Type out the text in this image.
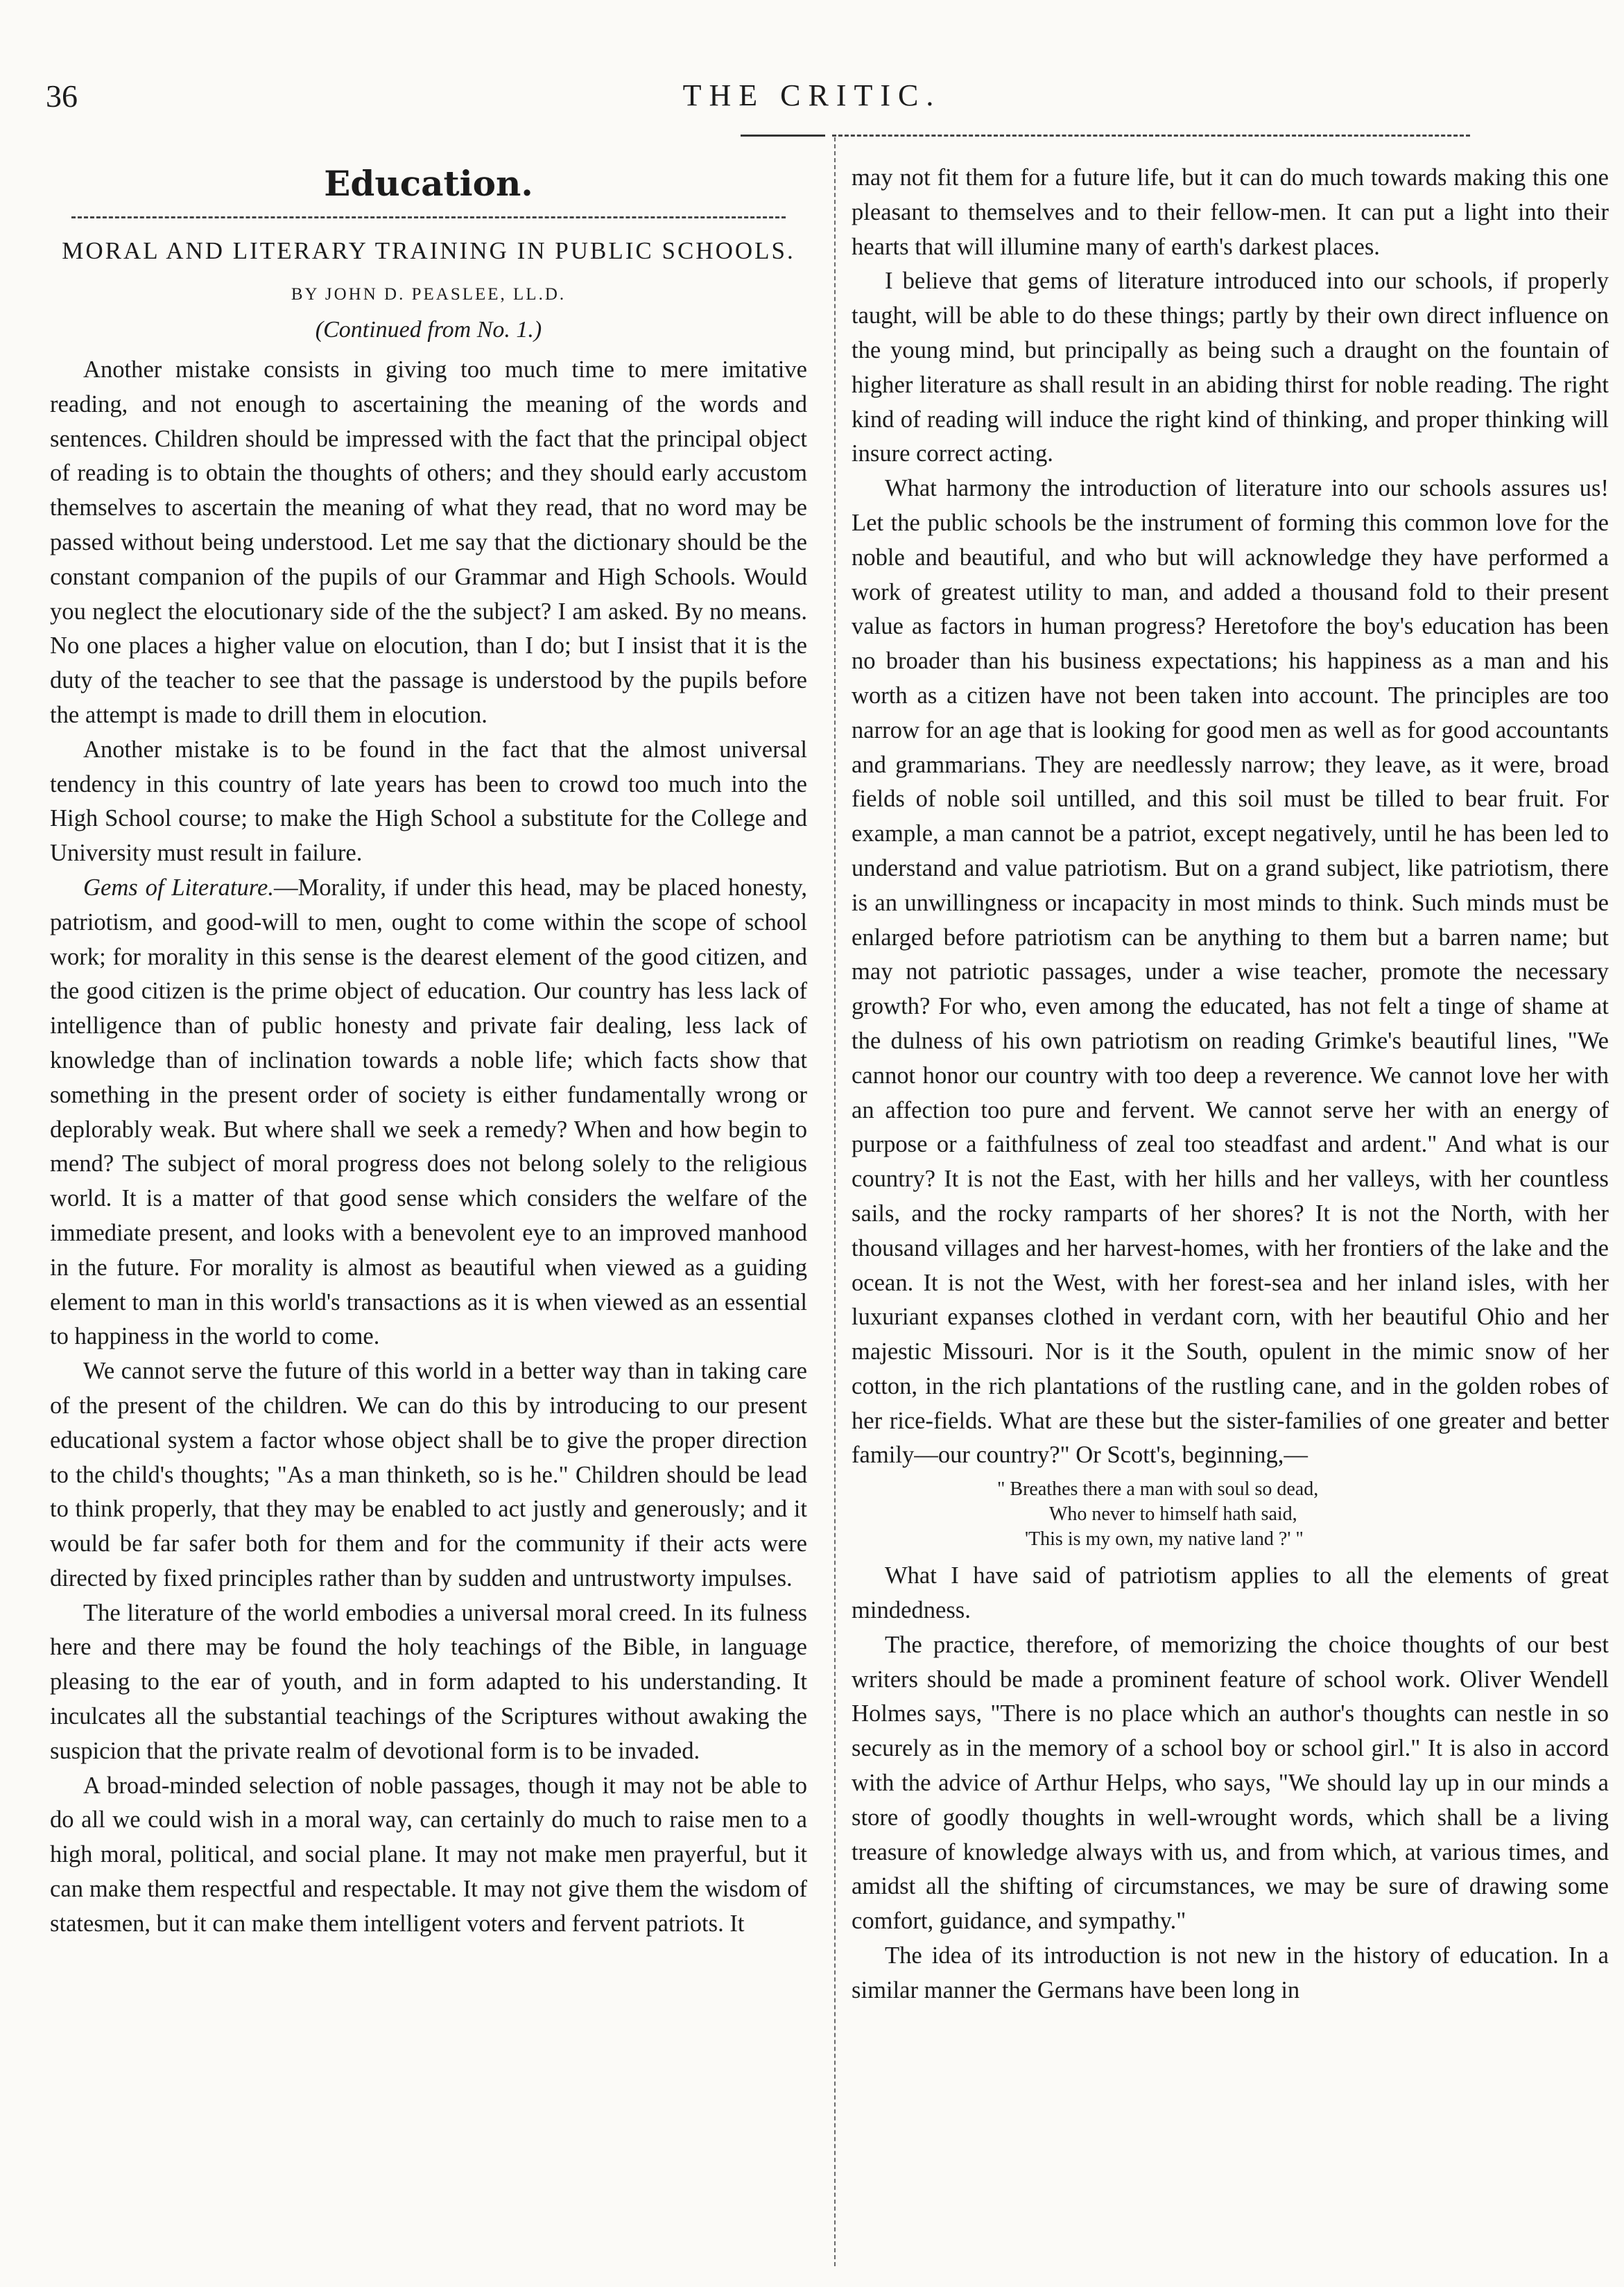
36	THE CRITIC.
Education.
MORAL AND LITERARY TRAINING IN PUBLIC SCHOOLS.
BY JOHN D. PEASLEE, LL.D.
(Continued from No. 1.)

Another mistake consists in giving too much time to mere imitative reading, and not enough to ascertaining the meaning of the words and sentences. Children should be impressed with the fact that the principal object of reading is to obtain the thoughts of others; and they should early accustom themselves to ascertain the meaning of what they read, that no word may be passed without being understood. Let me say that the dictionary should be the constant companion of the pupils of our Grammar and High Schools. Would you neglect the elocutionary side of the the subject? I am asked. By no means. No one places a higher value on elocution, than I do; but I insist that it is the duty of the teacher to see that the passage is understood by the pupils before the attempt is made to drill them in elocution.

Another mistake is to be found in the fact that the almost universal tendency in this country of late years has been to crowd too much into the High School course; to make the High School a substitute for the College and University must result in failure.

Gems of Literature.—Morality, if under this head, may be placed honesty, patriotism, and good-will to men, ought to come within the scope of school work; for morality in this sense is the dearest element of the good citizen, and the good citizen is the prime object of education. Our country has less lack of intelligence than of public honesty and private fair dealing, less lack of knowledge than of inclination towards a noble life; which facts show that something in the present order of society is either fundamentally wrong or deplorably weak. But where shall we seek a remedy? When and how begin to mend? The subject of moral progress does not belong solely to the religious world. It is a matter of that good sense which considers the welfare of the immediate present, and looks with a benevolent eye to an improved manhood in the future. For morality is almost as beautiful when viewed as a guiding element to man in this world's transactions as it is when viewed as an essential to happiness in the world to come.

We cannot serve the future of this world in a better way than in taking care of the present of the children. We can do this by introducing to our present educational system a factor whose object shall be to give the proper direction to the child's thoughts; "As a man thinketh, so is he." Children should be lead to think properly, that they may be enabled to act justly and generously; and it would be far safer both for them and for the community if their acts were directed by fixed principles rather than by sudden and untrustworty impulses.

The literature of the world embodies a universal moral creed. In its fulness here and there may be found the holy teachings of the Bible, in language pleasing to the ear of youth, and in form adapted to his understanding. It inculcates all the substantial teachings of the Scriptures without awaking the suspicion that the private realm of devotional form is to be invaded.

A broad-minded selection of noble passages, though it may not be able to do all we could wish in a moral way, can certainly do much to raise men to a high moral, political, and social plane. It may not make men prayerful, but it can make them respectful and respectable. It may not give them the wisdom of statesmen, but it can make them intelligent voters and fervent patriots. It

may not fit them for a future life, but it can do much towards making this one pleasant to themselves and to their fellow-men. It can put a light into their hearts that will illumine many of earth's darkest places.

I believe that gems of literature introduced into our schools, if properly taught, will be able to do these things; partly by their own direct influence on the young mind, but principally as being such a draught on the fountain of higher literature as shall result in an abiding thirst for noble reading. The right kind of reading will induce the right kind of thinking, and proper thinking will insure correct acting.

What harmony the introduction of literature into our schools assures us! Let the public schools be the instrument of forming this common love for the noble and beautiful, and who but will acknowledge they have performed a work of greatest utility to man, and added a thousand fold to their present value as factors in human progress? Heretofore the boy's education has been no broader than his business expectations; his happiness as a man and his worth as a citizen have not been taken into account. The principles are too narrow for an age that is looking for good men as well as for good accountants and grammarians. They are needlessly narrow; they leave, as it were, broad fields of noble soil untilled, and this soil must be tilled to bear fruit. For example, a man cannot be a patriot, except negatively, until he has been led to understand and value patriotism. But on a grand subject, like patriotism, there is an unwillingness or incapacity in most minds to think. Such minds must be enlarged before patriotism can be anything to them but a barren name; but may not patriotic passages, under a wise teacher, promote the necessary growth? For who, even among the educated, has not felt a tinge of shame at the dulness of his own patriotism on reading Grimke's beautiful lines, "We cannot honor our country with too deep a reverence. We cannot love her with an affection too pure and fervent. We cannot serve her with an energy of purpose or a faithfulness of zeal too steadfast and ardent." And what is our country? It is not the East, with her hills and her valleys, with her countless sails, and the rocky ramparts of her shores? It is not the North, with her thousand villages and her harvest-homes, with her frontiers of the lake and the ocean. It is not the West, with her forest-sea and her inland isles, with her luxuriant expanses clothed in verdant corn, with her beautiful Ohio and her majestic Missouri. Nor is it the South, opulent in the mimic snow of her cotton, in the rich plantations of the rustling cane, and in the golden robes of her rice-fields. What are these but the sister-families of one greater and better family—our country?" Or Scott's, beginning,—

" Breathes there a man with soul so dead,
Who never to himself hath said,
'This is my own, my native land ?' "

What I have said of patriotism applies to all the elements of great mindedness.

The practice, therefore, of memorizing the choice thoughts of our best writers should be made a prominent feature of school work. Oliver Wendell Holmes says, "There is no place which an author's thoughts can nestle in so securely as in the memory of a school boy or school girl." It is also in accord with the advice of Arthur Helps, who says, "We should lay up in our minds a store of goodly thoughts in well-wrought words, which shall be a living treasure of knowledge always with us, and from which, at various times, and amidst all the shifting of circumstances, we may be sure of drawing some comfort, guidance, and sympathy."

The idea of its introduction is not new in the history of education. In a similar manner the Germans have been long in
